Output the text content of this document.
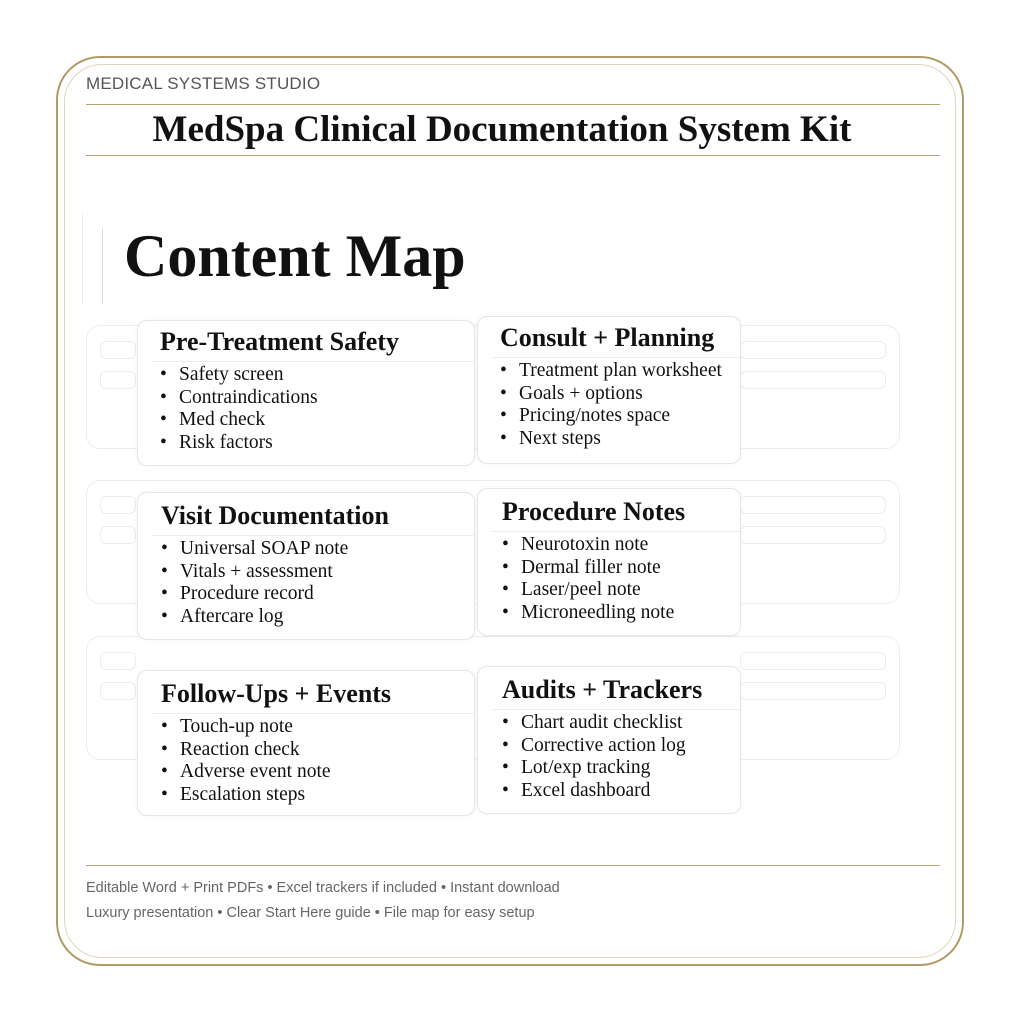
MEDICAL SYSTEMS STUDIO
MedSpa Clinical Documentation System Kit
Content Map
Pre-Treatment Safety
• Safety screen
• Contraindications
• Med check
• Risk factors
Consult + Planning
• Treatment plan worksheet
• Goals + options
• Pricing/notes space
• Next steps
Visit Documentation
• Universal SOAP note
• Vitals + assessment
• Procedure record
• Aftercare log
Procedure Notes
• Neurotoxin note
• Dermal filler note
• Laser/peel note
• Microneedling note
Follow-Ups + Events
• Touch-up note
• Reaction check
• Adverse event note
• Escalation steps
Audits + Trackers
• Chart audit checklist
• Corrective action log
• Lot/exp tracking
• Excel dashboard
Editable Word + Print PDFs • Excel trackers if included • Instant download
Luxury presentation • Clear Start Here guide • File map for easy setup
